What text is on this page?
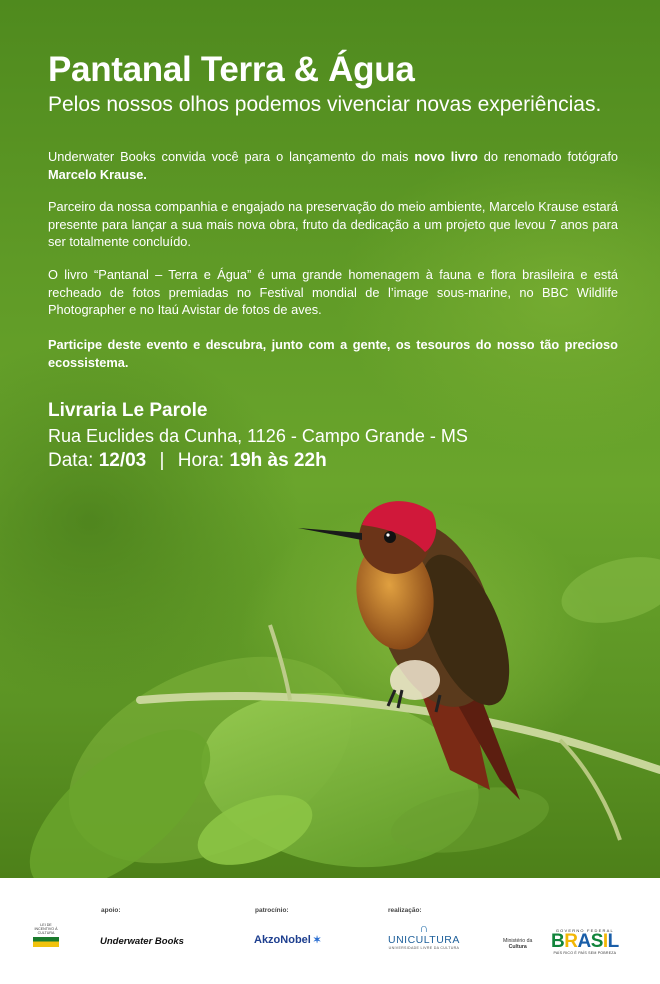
Pantanal Terra & Água
Pelos nossos olhos podemos vivenciar novas experiências.
Underwater Books convida você para o lançamento do mais novo livro do renomado fotógrafo Marcelo Krause.
Parceiro da nossa companhia e engajado na preservação do meio ambiente, Marcelo Krause estará presente para lançar a sua mais nova obra, fruto da dedicação a um projeto que levou 7 anos para ser totalmente concluído.
O livro “Pantanal – Terra e Água” é uma grande homenagem à fauna e flora brasileira e está recheado de fotos premiadas no Festival mondial de l’image sous-marine, no BBC Wildlife Photographer e no Itaú Avistar de fotos de aves.
Participe deste evento e descubra, junto com a gente, os tesouros do nosso tão precioso ecossistema.
Livraria Le Parole
Rua Euclides da Cunha, 1126 - Campo Grande - MS
Data: 12/03 | Hora: 19h às 22h
apoio:	patrocínio:	realização:
LEI DE INCENTIVO À CULTURA
Underwater Books	AkzoNobel ✶
∩
UNICULTURA
UNIVERSIDADE LIVRE DA CULTURA
Ministério da
Cultura
GOVERNO FEDERAL
BRASIL
PAÍS RICO É PAÍS SEM POBREZA
